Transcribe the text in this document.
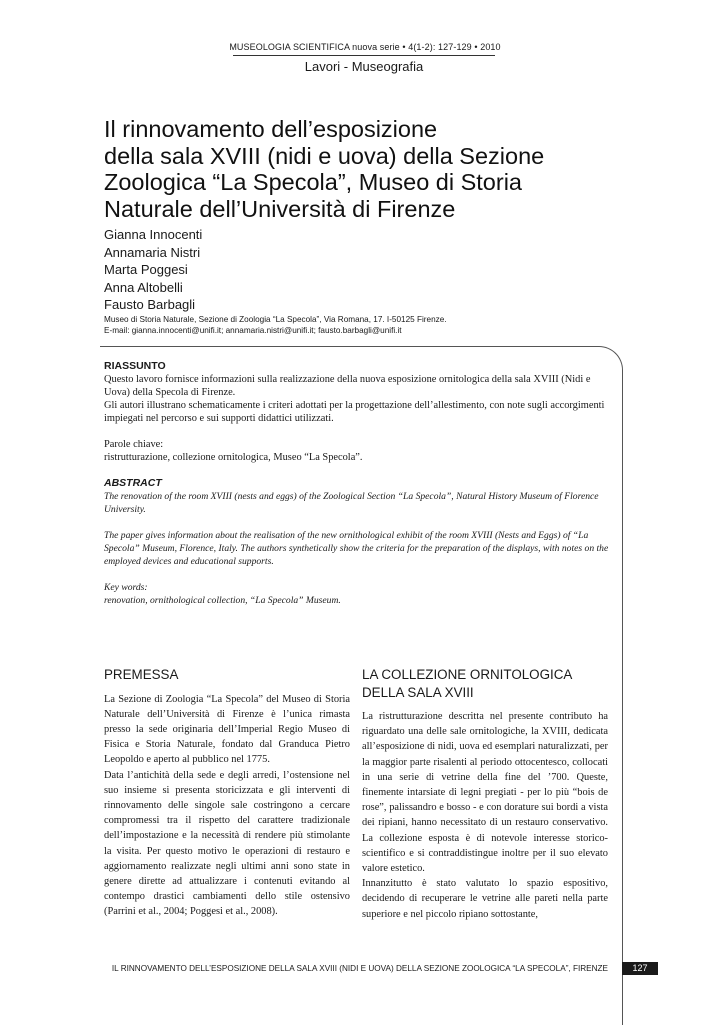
MUSEOLOGIA SCIENTIFICA nuova serie • 4(1-2): 127-129 • 2010
Lavori - Museografia
Il rinnovamento dell’esposizione
della sala XVIII (nidi e uova) della Sezione
Zoologica “La Specola”, Museo di Storia
Naturale dell’Università di Firenze
Gianna Innocenti
Annamaria Nistri
Marta Poggesi
Anna Altobelli
Fausto Barbagli
Museo di Storia Naturale, Sezione di Zoologia “La Specola”, Via Romana, 17. I-50125 Firenze.
E-mail: gianna.innocenti@unifi.it; annamaria.nistri@unifi.it; fausto.barbagli@unifi.it
RIASSUNTO

Questo lavoro fornisce informazioni sulla realizzazione della nuova esposizione ornitologica della sala XVIII (Nidi e Uova) della Specola di Firenze.

Gli autori illustrano schematicamente i criteri adottati per la progettazione dell’allestimento, con note sugli accorgimenti impiegati nel percorso e sui supporti didattici utilizzati.

Parole chiave:

ristrutturazione, collezione ornitologica, Museo “La Specola”.

ABSTRACT

The renovation of the room XVIII (nests and eggs) of the Zoological Section “La Specola”, Natural History Museum of Florence University.

The paper gives information about the realisation of the new ornithological exhibit of the room XVIII (Nests and Eggs) of “La Specola” Museum, Florence, Italy. The authors synthetically show the criteria for the preparation of the displays, with notes on the employed devices and educational supports.

Key words:

renovation, ornithological collection, “La Specola” Museum.

PREMESSA

La Sezione di Zoologia “La Specola” del Museo di Storia Naturale dell’Università di Firenze è l’unica rimasta presso la sede originaria dell’Imperial Regio Museo di Fisica e Storia Naturale, fondato dal Granduca Pietro Leopoldo e aperto al pubblico nel 1775.

Data l’antichità della sede e degli arredi, l’ostensione nel suo insieme si presenta storicizzata e gli interventi di rinnovamento delle singole sale costringono a cercare compromessi tra il rispetto del carattere tradizionale dell’impostazione e la necessità di rendere più stimolante la visita. Per questo motivo le operazioni di restauro e aggiornamento realizzate negli ultimi anni sono state in genere dirette ad attualizzare i contenuti evitando al contempo drastici cambiamenti dello stile ostensivo (Parrini et al., 2004; Poggesi et al., 2008).

LA COLLEZIONE ORNITOLOGICA
DELLA SALA XVIII

La ristrutturazione descritta nel presente contributo ha riguardato una delle sale ornitologiche, la XVIII, dedicata all’esposizione di nidi, uova ed esemplari naturalizzati, per la maggior parte risalenti al periodo ottocentesco, collocati in una serie di vetrine della fine del ’700. Queste, finemente intarsiate di legni pregiati - per lo più “bois de rose”, palissandro e bosso - e con dorature sui bordi a vista dei ripiani, hanno necessitato di un restauro conservativo. La collezione esposta è di notevole interesse storico-scientifico e si contraddistingue inoltre per il suo elevato valore estetico.

Innanzitutto è stato valutato lo spazio espositivo, decidendo di recuperare le vetrine alle pareti nella parte superiore e nel piccolo ripiano sottostante,

IL RINNOVAMENTO DELL’ESPOSIZIONE DELLA SALA XVIII (NIDI E UOVA) DELLA SEZIONE ZOOLOGICA “LA SPECOLA”, FIRENZE	127
